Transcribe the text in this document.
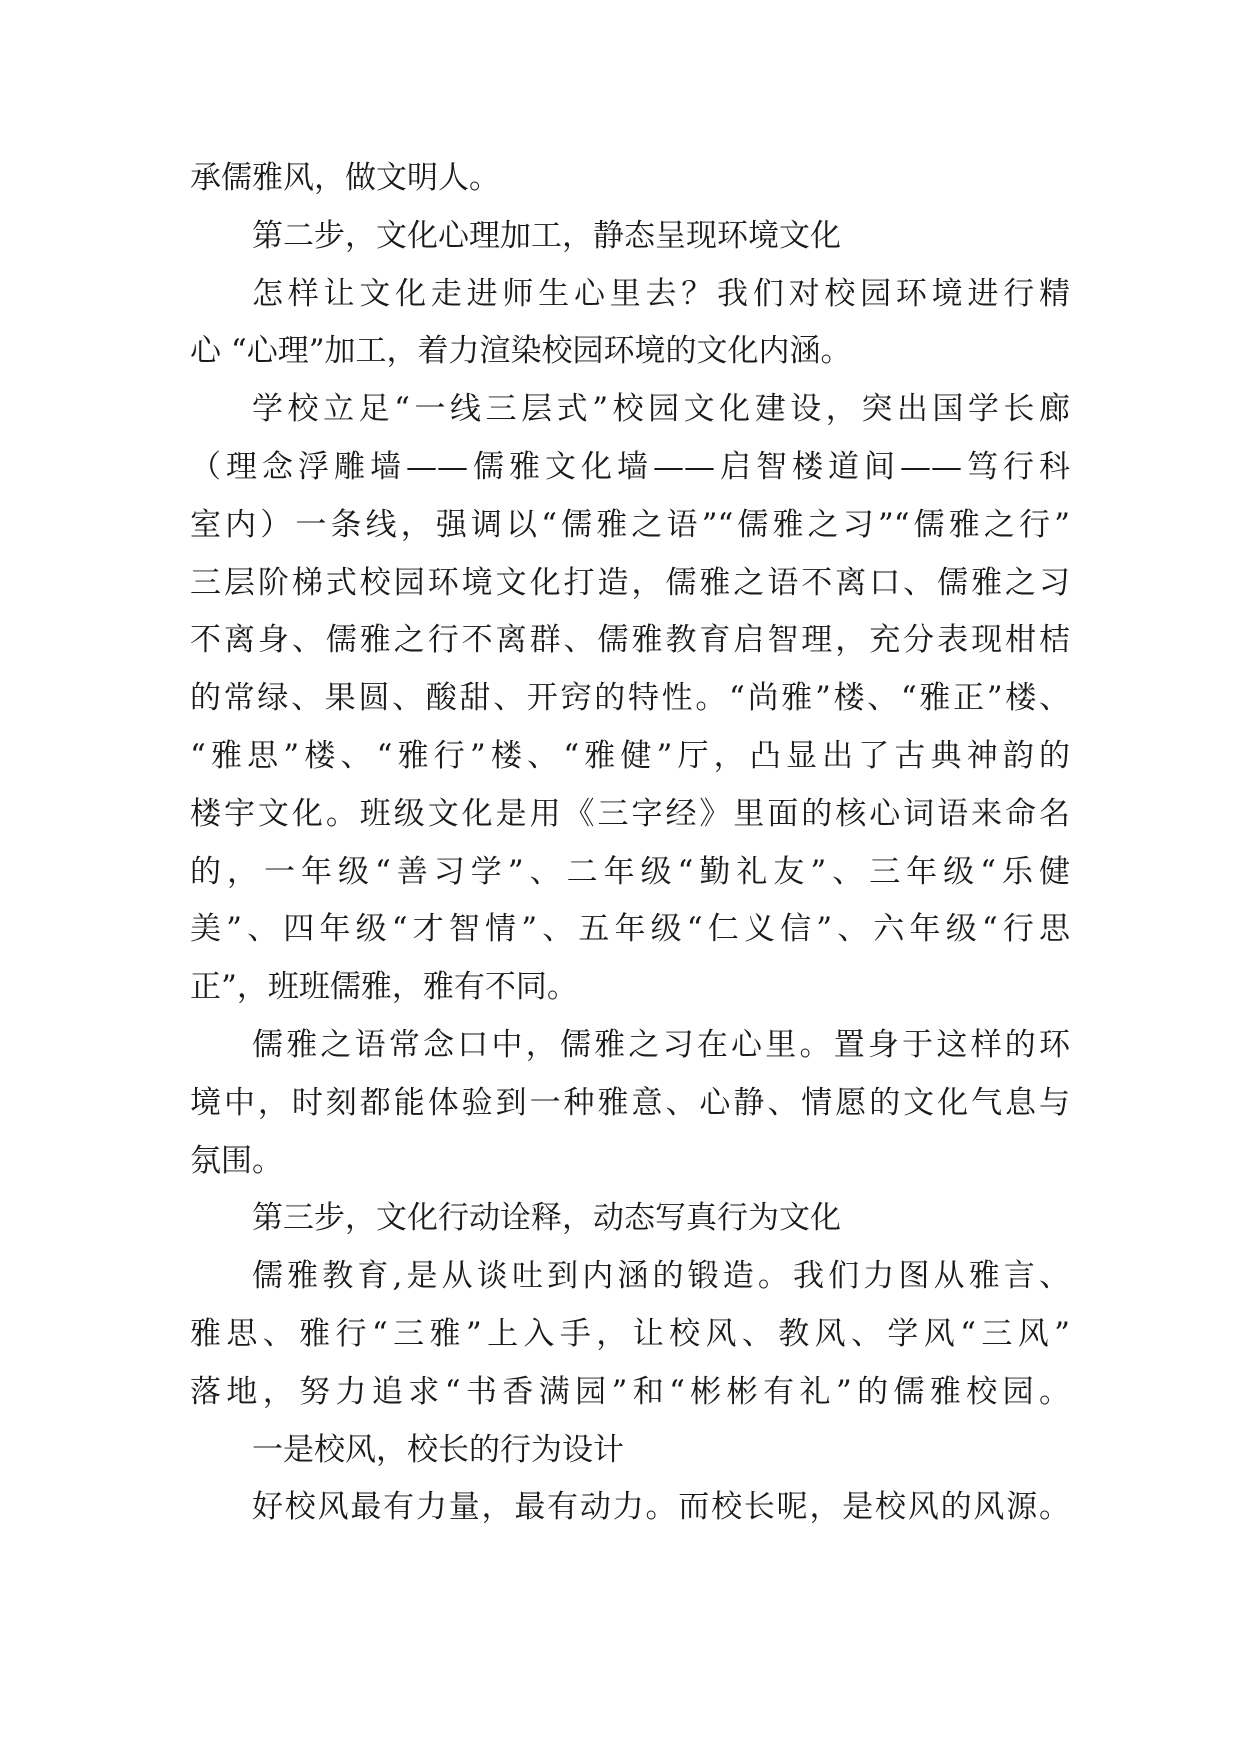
承儒雅风，做文明人。
第二步，文化心理加工，静态呈现环境文化
怎样让文化走进师生心里去？我们对校园环境进行精
心 “心理”加工，着力渲染校园环境的文化内涵。
学校立足“一线三层式”校园文化建设，突出国学长廊
（理念浮雕墙——儒雅文化墙——启智楼道间——笃行科
室内）一条线，强调以“儒雅之语”“儒雅之习”“儒雅之行”
三层阶梯式校园环境文化打造，儒雅之语不离口、儒雅之习
不离身、儒雅之行不离群、儒雅教育启智理，充分表现柑桔
的常绿、果圆、酸甜、开窍的特性。“尚雅”楼、“雅正”楼、
“雅思”楼、“雅行”楼、“雅健”厅，凸显出了古典神韵的
楼宇文化。班级文化是用《三字经》里面的核心词语来命名
的，一年级“善习学”、二年级“勤礼友”、三年级“乐健
美”、四年级“才智情”、五年级“仁义信”、六年级“行思
正”，班班儒雅，雅有不同。
儒雅之语常念口中，儒雅之习在心里。置身于这样的环
境中，时刻都能体验到一种雅意、心静、情愿的文化气息与
氛围。
第三步，文化行动诠释，动态写真行为文化
儒雅教育,是从谈吐到内涵的锻造。我们力图从雅言、
雅思、雅行“三雅”上入手，让校风、教风、学风“三风”
落地，努力追求“书香满园”和“彬彬有礼”的儒雅校园。
一是校风，校长的行为设计
好校风最有力量，最有动力。而校长呢，是校风的风源。
